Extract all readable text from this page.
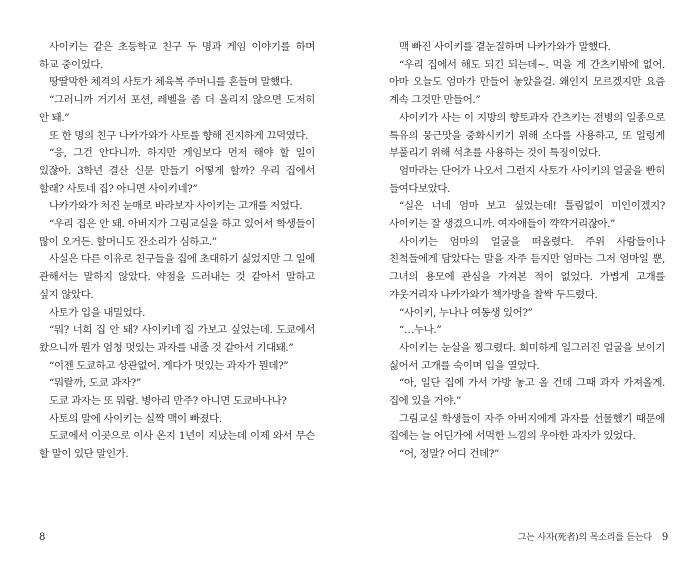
사이키는 같은 초등학교 친구 두 명과 게임 이야기를 하며 하교 중이었다.

땅딸막한 체격의 사토가 체육복 주머니를 흔들며 말했다.

“그러니까 거기서 포션, 레벨을 좀 더 올리지 않으면 도저히 안 돼.”

또 한 명의 친구 나카가와가 사토를 향해 진지하게 끄덕였다.

“응, 그건 안다니까. 하지만 게임보다 먼저 해야 할 일이 있잖아. 3학년 결산 신문 만들기 어떻게 할까? 우리 집에서 할래? 사토네 집? 아니면 사이키네?”

나카가와가 처진 눈매로 바라보자 사이키는 고개를 저었다.

“우리 집은 안 돼. 아버지가 그림교실을 하고 있어서 학생들이 많이 오거든. 할머니도 잔소리가 심하고.”

사실은 다른 이유로 친구들을 집에 초대하기 싫었지만 그 일에 관해서는 말하지 않았다. 약점을 드러내는 것 같아서 말하고 싶지 않았다.

사토가 입을 내밀었다.

“뭐? 너희 집 안 돼? 사이키네 집 가보고 싶었는데. 도쿄에서 왔으니까 뭔가 엄청 멋있는 과자를 내줄 것 같아서 기대돼.”

“이젠 도쿄하고 상관없어. 게다가 멋있는 과자가 뭔데?”

“뭐랄까, 도쿄 과자?”

도쿄 과자는 또 뭐람. 병아리 만주? 아니면 도쿄바나나?

사토의 말에 사이키는 실짝 맥이 빠졌다.

도쿄에서 이곳으로 이사 온지 1년이 지났는데 이제 와서 무슨 할 말이 있단 말인가.

8

맥 빠진 사이키를 곁눈질하며 나카가와가 말했다.

“우리 집에서 해도 되긴 되는데~. 먹을 게 간츠키밖에 없어. 아마 오늘도 엄마가 만들어 놓았을걸. 왜인지 모르겠지만 요즘 계속 그것만 만들어.”

사이키가 사는 이 지방의 향토과자 간츠키는 전병의 일종으로 특유의 뭉근맛을 중화시키기 위해 소다를 사용하고, 또 일렁게 부풀리기 위해 석초를 사용하는 것이 특징이었다.

엄마라는 단어가 나오서 그런지 사토가 사이키의 얼굴을 빤히 들여다보았다.

“실은 너네 엄마 보고 싶었는데! 틀림없이 미인이겠지? 사이키는 잘 생겼으니까. 여자애들이 꺅꺅거리잖아.”

사이키는 엄마의 얼굴을 떠올렸다. 주위 사람들이나 친척들에게 담았다는 말을 자주 듣지만 엄마는 그저 엄마일 뿐, 그녀의 용모에 관심을 가져본 적이 없었다. 가볍게 고개를 갸웃거리자 나카가와가 책가방을 찰싹 두드렸다.

“사이키, 누나나 여동생 있어?”

“…누나.”

사이키는 눈살을 찡그렸다. 희미하게 일그러진 얼굴을 보이기 싫어서 고개를 숙이며 입을 열었다.

“아, 일단 집에 가서 가방 놓고 올 건데 그때 과자 가져올게. 집에 있을 거야.”

그림교실 학생들이 자주 아버지에게 과자를 선물했기 때문에 집에는 늘 어딘가에 서먹한 느낌의 우아한 과자가 있었다.

“어, 정말? 어디 건데?”

그는 사자(死者)의 목소리를 듣는다 9
